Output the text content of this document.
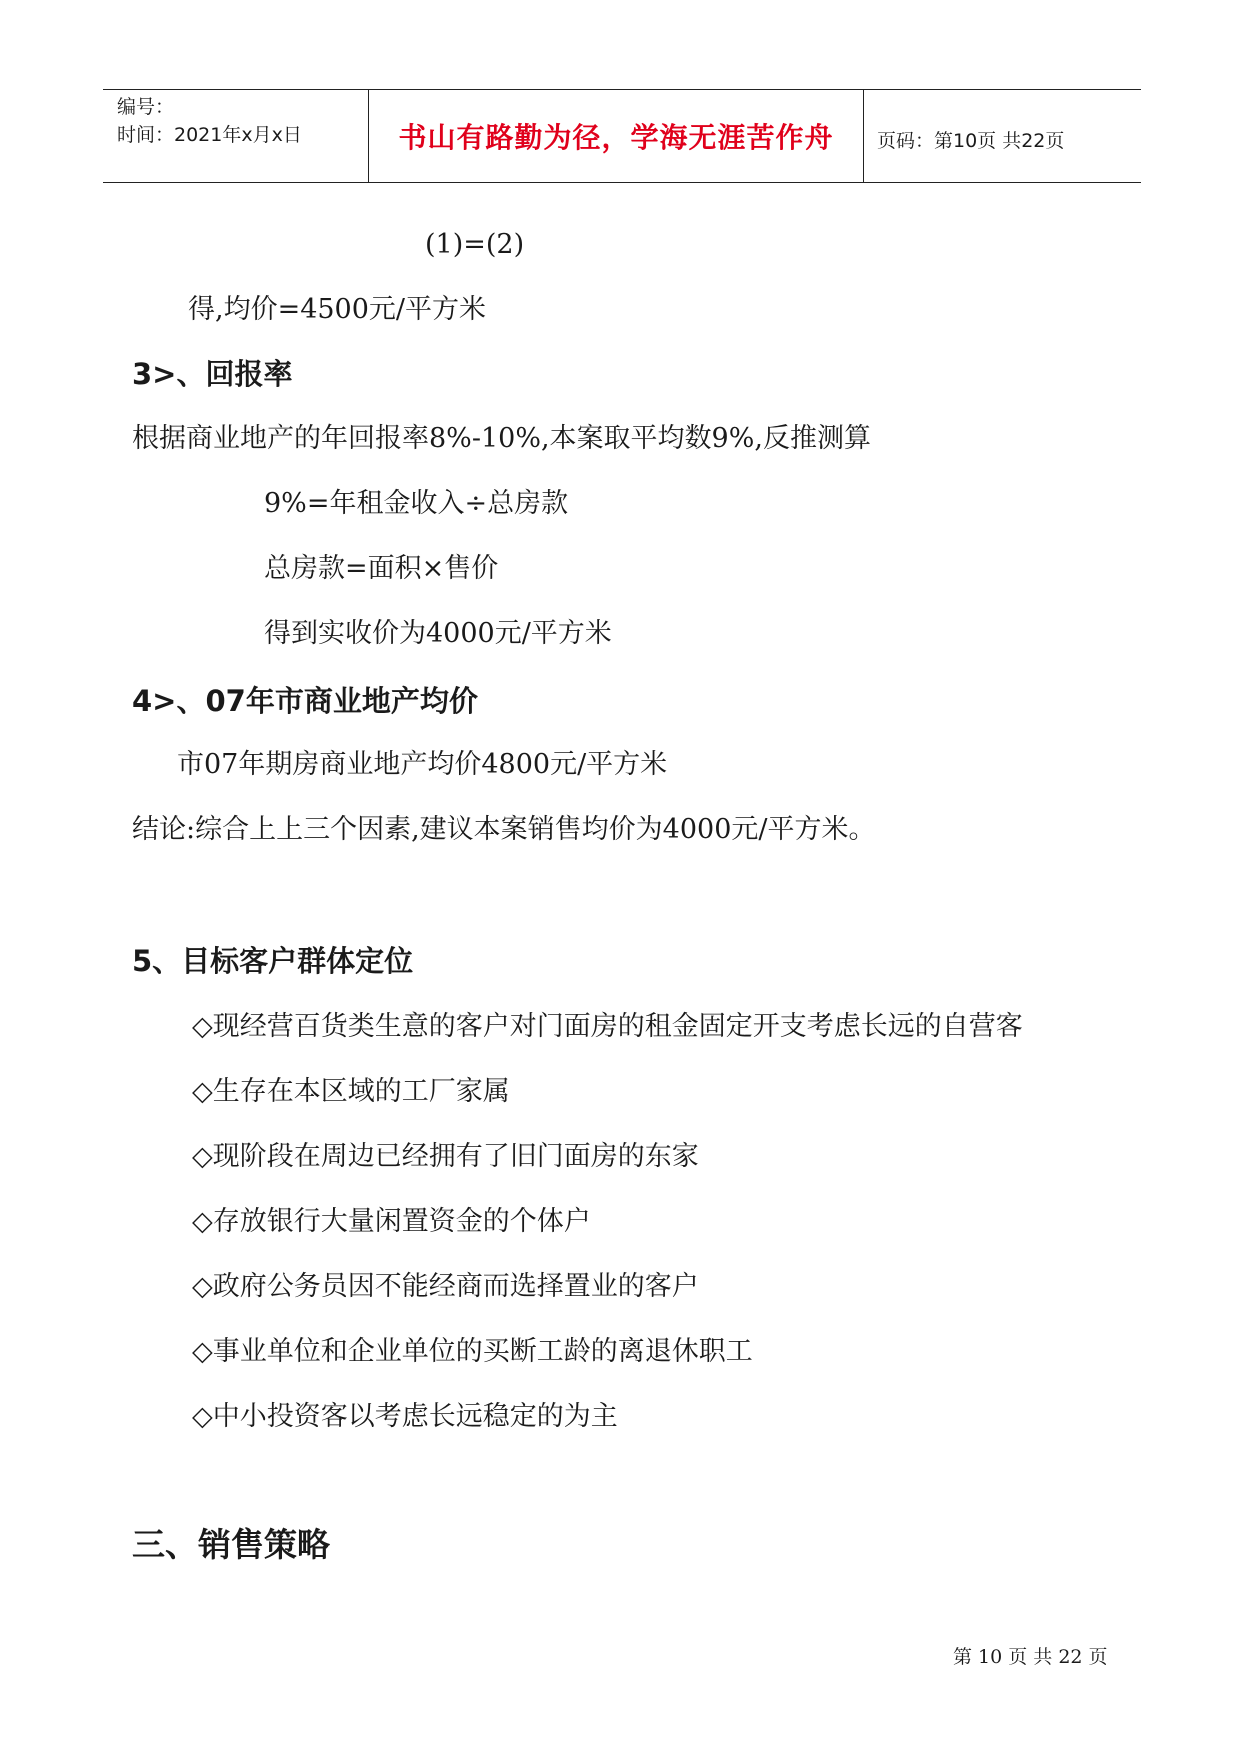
编号：
时间：2021年x月x日	书山有路勤为径，学海无涯苦作舟 页码：第10页 共22页
(1)=(2)
得,均价=4500元/平方米
3>、回报率
根据商业地产的年回报率8%-10%,本案取平均数9%,反推测算
9%=年租金收入÷总房款
总房款=面积×售价
得到实收价为4000元/平方米
4>、07年市商业地产均价
市07年期房商业地产均价4800元/平方米
结论:综合上上三个因素,建议本案销售均价为4000元/平方米。
5、目标客户群体定位
◇现经营百货类生意的客户对门面房的租金固定开支考虑长远的自营客
◇生存在本区域的工厂家属
◇现阶段在周边已经拥有了旧门面房的东家
◇存放银行大量闲置资金的个体户
◇政府公务员因不能经商而选择置业的客户
◇事业单位和企业单位的买断工龄的离退休职工
◇中小投资客以考虑长远稳定的为主
三、销售策略
第 10 页 共 22 页
